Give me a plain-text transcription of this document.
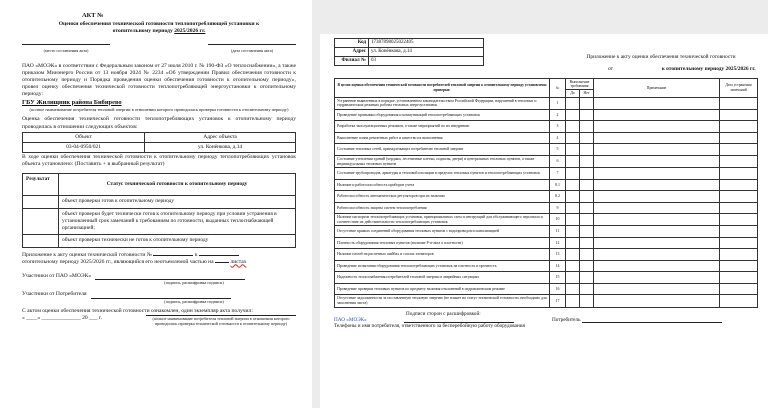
АКТ №
Оценки обеспечения технической готовности теплопотребляющей установки к
отопительному периоду 2025/2026 гг.

(место составления акта)	(дата составления акта)

ПАО «МОЭК» в соответствии с Федеральным законом от 27 июля 2010 г. № 190-ФЗ «О теплоснабжении», а также приказом Минэнерго России от 13 ноября 2024 № 2234 «Об утверждении Правил обеспечения готовности к отопительному периоду и Порядка проведения оценки обеспечения готовности к отопительному периоду», провел оценку обеспечения технической готовности теплопотребляющей энергоустановки к отопительному периоду:

ГБУ Жилищник района Бибирево

(полное наименование потребителя тепловой энергии в отношении которого проводилась проверка готовности к отопительному периоду)

Оценка обеспечения технической готовности теплопотребляющих установок к отопительному периоду проводилась в отношении следующих объектов:

Объект	Адрес объекта
03-04-0950/021	ул. Конёнкова, д.14

В ходе оценки обеспечения технической готовности к отопительному периоду теплопотребляющих установок объекта установлено: (Поставить + в выбранный результат)

Результат	Статус технической готовности к отопительному периоду
	объект проверки готов к отопительному периоду
	объект проверки будет технически готов к отопительному периоду при условии устранения в установленный срок замечаний к требованиям по готовности, выданных теплоснабжающей организацией;
	объект проверки технически не готов к отопительному периоду

Приложение к акту оценки технической готовности №	к
отопительному периоду 2025/2026 гг., являющийся его неотъемлемой частью на	листах

Участники от ПАО «МОЭК»

(подпись, расшифровка подписи)

Участники от Потребителя

(подпись, расшифровка подписи)

С актом оценки обеспечения технической готовности ознакомлен, один экземпляр акта получил:

« ____» ______________ 20 ___ г.	(полное наименование потребителя тепловой энергии в отношении которого проводилась проверка технической готовности к отопительному периоду)
Код	17387898025022405
Адрес	ул. Конёнкова, д.14
Филиал №	03
Приложение к акту оценки обеспечения технической готовности
от	к отопительному периоду 2025/2026 гг.
В целях оценки обеспечения технической готовности потребителей тепловой энергии к отопительному периоду установлены проверки:	№	Выполнение требования		Примечание	Дата устранения замечаний
		Да	Нет		
Устранение выявленных в порядке, установленном законодательством Российской Федерации, нарушений в тепловых и гидравлических режимах работы тепловых энергоустановок	1				
Проведение промывки оборудования и коммуникаций теплопотребляющих установок	2				
Разработка эксплуатационных режимов, а также мероприятий по их внедрению	3				
Выполнение плана ремонтных работ и качество их выполнения	4				
Состояние тепловых сетей, принадлежащих потребителю тепловой энергии	5				
Состояние утепления зданий (чердаки, лестничные клетки, подвалы, двери) и центральных тепловых пунктов, а также индивидуальных тепловых пунктов	6				
Состояние трубопроводов, арматуры и тепловой изоляции в пределах тепловых пунктов и теплопотребляющих установок	7				
Наличие и работоспособность приборов учета	8.1				
Работоспособность автоматических регуляторов при их наличии	8.2				
Работоспособность защиты систем теплопотребления	9				
Наличие паспортов теплопотребляющих установок, принципиальных схем и инструкций для обслуживающего персонала и соответствие их действительности теплопотребляющих установок	10				
Отсутствие прямых соединений оборудования тепловых пунктов с водопроводом и канализацией	11				
Плотность оборудования тепловых пунктов (наличие P-n-акта о плотности)	12				
Наличие пломб на расчетных шайбах и соплах элеваторов	13				
Проведение испытания оборудования теплопотребляющих установок на плотность и прочность	14				
Надежность теплоснабжения потребителей тепловой энергии в аварийных ситуациях	15				
Проведение проверки тепловых пунктов по предмету наличия отклонений в гидравлическом режиме	16				
Отсутствие задолженности за поставленную тепловую энергию (не влияет на статус технической готовности, необходимо для заполнения листа)	17				
Подписи сторон с расшифровкой:
ПАО «МОЭК»	Потребитель
Телефоны и имя потребителя, ответственного за бесперебойную работу оборудования
